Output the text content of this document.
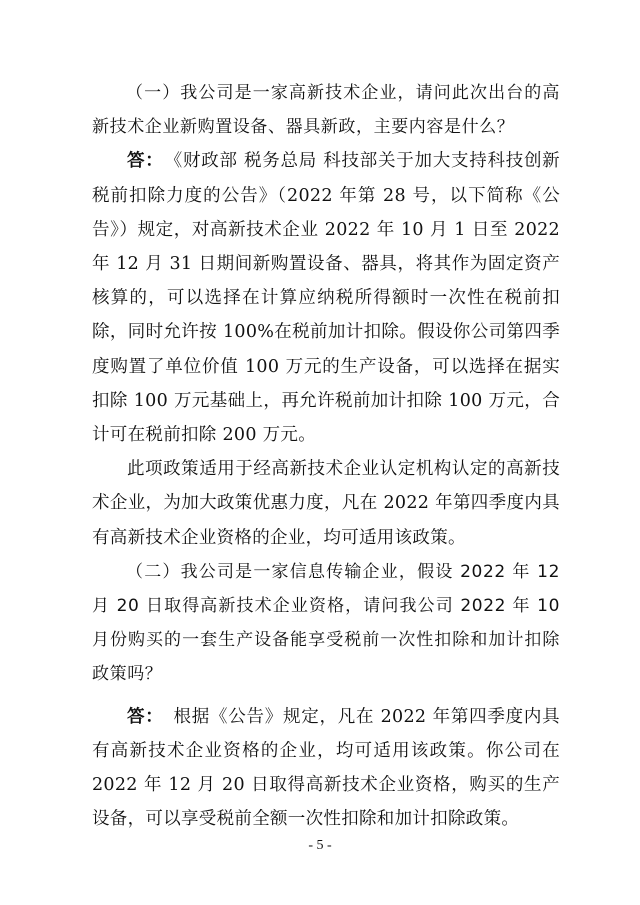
（一）我公司是一家高新技术企业，请问此次出台的高新技术企业新购置设备、器具新政，主要内容是什么？

答： 《财政部 税务总局 科技部关于加大支持科技创新税前扣除力度的公告》（2022 年第 28 号，以下简称《公告》）规定，对高新技术企业 2022 年 10 月 1 日至 2022 年 12 月 31 日期间新购置设备、器具，将其作为固定资产核算的，可以选择在计算应纳税所得额时一次性在税前扣除，同时允许按 100%在税前加计扣除。假设你公司第四季度购置了单位价值 100 万元的生产设备，可以选择在据实扣除 100 万元基础上，再允许税前加计扣除 100 万元，合计可在税前扣除 200 万元。

此项政策适用于经高新技术企业认定机构认定的高新技术企业，为加大政策优惠力度，凡在 2022 年第四季度内具有高新技术企业资格的企业，均可适用该政策。

（二）我公司是一家信息传输企业，假设 2022 年 12 月 20 日取得高新技术企业资格，请问我公司 2022 年 10 月份购买的一套生产设备能享受税前一次性扣除和加计扣除政策吗？

答： 根据《公告》规定，凡在 2022 年第四季度内具有高新技术企业资格的企业，均可适用该政策。你公司在 2022 年 12 月 20 日取得高新技术企业资格，购买的生产设备，可以享受税前全额一次性扣除和加计扣除政策。

- 5 -
